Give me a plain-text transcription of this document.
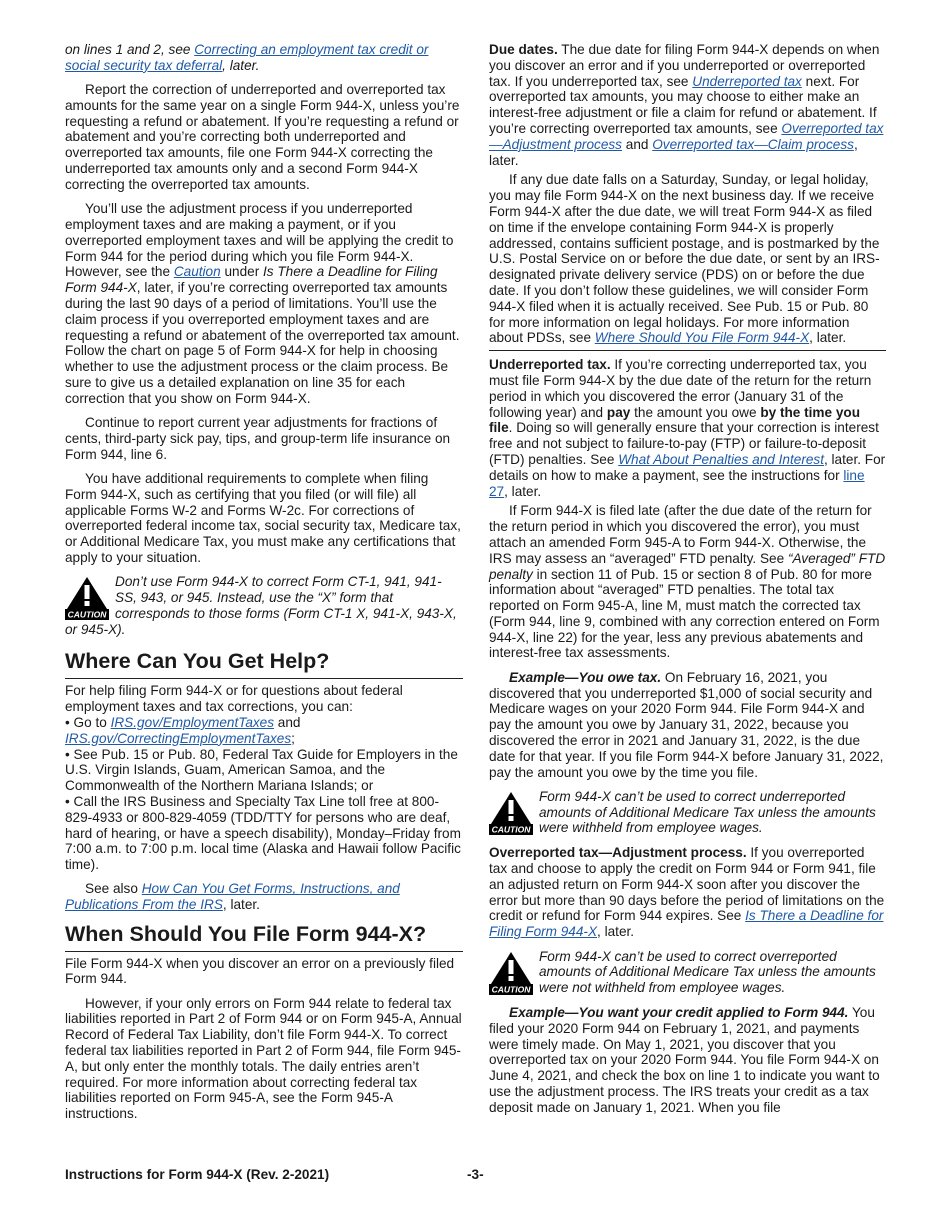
on lines 1 and 2, see Correcting an employment tax credit or social security tax deferral, later.

Report the correction of underreported and overreported tax amounts for the same year on a single Form 944-X, unless you’re requesting a refund or abatement. If you’re requesting a refund or abatement and you’re correcting both underreported and overreported tax amounts, file one Form 944-X correcting the underreported tax amounts only and a second Form 944-X correcting the overreported tax amounts.

You’ll use the adjustment process if you underreported employment taxes and are making a payment, or if you overreported employment taxes and will be applying the credit to Form 944 for the period during which you file Form 944-X. However, see the Caution under Is There a Deadline for Filing Form 944-X, later, if you’re correcting overreported tax amounts during the last 90 days of a period of limitations. You’ll use the claim process if you overreported employment taxes and are requesting a refund or abatement of the overreported tax amount. Follow the chart on page 5 of Form 944-X for help in choosing whether to use the adjustment process or the claim process. Be sure to give us a detailed explanation on line 35 for each correction that you show on Form 944-X.

Continue to report current year adjustments for fractions of cents, third-party sick pay, tips, and group-term life insurance on Form 944, line 6.

You have additional requirements to complete when filing Form 944-X, such as certifying that you filed (or will file) all applicable Forms W-2 and Forms W-2c. For corrections of overreported federal income tax, social security tax, Medicare tax, or Additional Medicare Tax, you must make any certifications that apply to your situation.

CAUTION
Don’t use Form 944-X to correct Form CT-1, 941, 941-SS, 943, or 945. Instead, use the “X” form that corresponds to those forms (Form CT-1 X, 941-X, 943-X, or 945-X).
Where Can You Get Help?

For help filing Form 944-X or for questions about federal employment taxes and tax corrections, you can:

• Go to IRS.gov/EmploymentTaxes and IRS.gov/CorrectingEmploymentTaxes;

• See Pub. 15 or Pub. 80, Federal Tax Guide for Employers in the U.S. Virgin Islands, Guam, American Samoa, and the Commonwealth of the Northern Mariana Islands; or

• Call the IRS Business and Specialty Tax Line toll free at 800-829-4933 or 800-829-4059 (TDD/TTY for persons who are deaf, hard of hearing, or have a speech disability), Monday–Friday from 7:00 a.m. to 7:00 p.m. local time (Alaska and Hawaii follow Pacific time).

See also How Can You Get Forms, Instructions, and Publications From the IRS, later.

When Should You File Form 944-X?

File Form 944-X when you discover an error on a previously filed Form 944.

However, if your only errors on Form 944 relate to federal tax liabilities reported in Part 2 of Form 944 or on Form 945-A, Annual Record of Federal Tax Liability, don’t file Form 944-X. To correct federal tax liabilities reported in Part 2 of Form 944, file Form 945-A, but only enter the monthly totals. The daily entries aren’t required. For more information about correcting federal tax liabilities reported on Form 945-A, see the Form 945-A instructions.

Due dates. The due date for filing Form 944-X depends on when you discover an error and if you underreported or overreported tax. If you underreported tax, see Underreported tax next. For overreported tax amounts, you may choose to either make an interest-free adjustment or file a claim for refund or abatement. If you’re correcting overreported tax amounts, see Overreported tax—Adjustment process and Overreported tax—Claim process, later.

If any due date falls on a Saturday, Sunday, or legal holiday, you may file Form 944-X on the next business day. If we receive Form 944-X after the due date, we will treat Form 944-X as filed on time if the envelope containing Form 944-X is properly addressed, contains sufficient postage, and is postmarked by the U.S. Postal Service on or before the due date, or sent by an IRS-designated private delivery service (PDS) on or before the due date. If you don’t follow these guidelines, we will consider Form 944-X filed when it is actually received. See Pub. 15 or Pub. 80 for more information on legal holidays. For more information about PDSs, see Where Should You File Form 944-X, later.

Underreported tax. If you’re correcting underreported tax, you must file Form 944-X by the due date of the return for the return period in which you discovered the error (January 31 of the following year) and pay the amount you owe by the time you file. Doing so will generally ensure that your correction is interest free and not subject to failure-to-pay (FTP) or failure-to-deposit (FTD) penalties. See What About Penalties and Interest, later. For details on how to make a payment, see the instructions for line 27, later.

If Form 944-X is filed late (after the due date of the return for the return period in which you discovered the error), you must attach an amended Form 945-A to Form 944-X. Otherwise, the IRS may assess an “averaged” FTD penalty. See “Averaged” FTD penalty in section 11 of Pub. 15 or section 8 of Pub. 80 for more information about “averaged” FTD penalties. The total tax reported on Form 945-A, line M, must match the corrected tax (Form 944, line 9, combined with any correction entered on Form 944-X, line 22) for the year, less any previous abatements and interest-free tax assessments.

Example—You owe tax. On February 16, 2021, you discovered that you underreported $1,000 of social security and Medicare wages on your 2020 Form 944. File Form 944-X and pay the amount you owe by January 31, 2022, because you discovered the error in 2021 and January 31, 2022, is the due date for that year. If you file Form 944-X before January 31, 2022, pay the amount you owe by the time you file.

CAUTION
Form 944-X can’t be used to correct underreported amounts of Additional Medicare Tax unless the amounts were withheld from employee wages.

Overreported tax—Adjustment process. If you overreported tax and choose to apply the credit on Form 944 or Form 941, file an adjusted return on Form 944-X soon after you discover the error but more than 90 days before the period of limitations on the credit or refund for Form 944 expires. See Is There a Deadline for Filing Form 944-X, later.

CAUTION
Form 944-X can’t be used to correct overreported amounts of Additional Medicare Tax unless the amounts were not withheld from employee wages.

Example—You want your credit applied to Form 944. You filed your 2020 Form 944 on February 1, 2021, and payments were timely made. On May 1, 2021, you discover that you overreported tax on your 2020 Form 944. You file Form 944-X on June 4, 2021, and check the box on line 1 to indicate you want to use the adjustment process. The IRS treats your credit as a tax deposit made on January 1, 2021. When you file

Instructions for Form 944-X (Rev. 2-2021)	-3-
